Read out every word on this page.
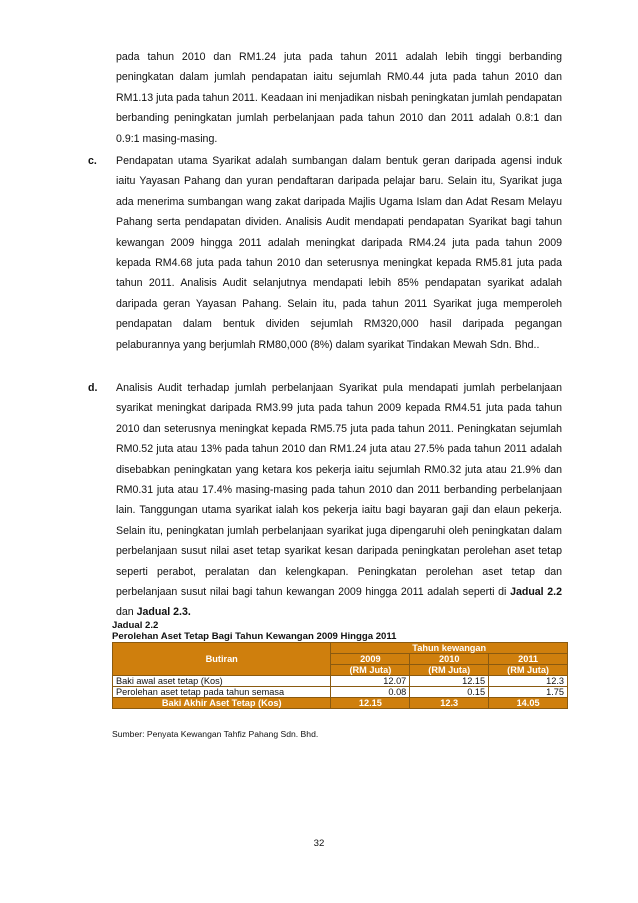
pada tahun 2010 dan RM1.24 juta pada tahun 2011 adalah lebih tinggi berbanding peningkatan dalam jumlah pendapatan iaitu sejumlah RM0.44 juta pada tahun 2010 dan RM1.13 juta pada tahun 2011. Keadaan ini menjadikan nisbah peningkatan jumlah pendapatan berbanding peningkatan jumlah perbelanjaan pada tahun 2010 dan 2011 adalah 0.8:1 dan 0.9:1 masing-masing.
c. Pendapatan utama Syarikat adalah sumbangan dalam bentuk geran daripada agensi induk iaitu Yayasan Pahang dan yuran pendaftaran daripada pelajar baru. Selain itu, Syarikat juga ada menerima sumbangan wang zakat daripada Majlis Ugama Islam dan Adat Resam Melayu Pahang serta pendapatan dividen. Analisis Audit mendapati pendapatan Syarikat bagi tahun kewangan 2009 hingga 2011 adalah meningkat daripada RM4.24 juta pada tahun 2009 kepada RM4.68 juta pada tahun 2010 dan seterusnya meningkat kepada RM5.81 juta pada tahun 2011. Analisis Audit selanjutnya mendapati lebih 85% pendapatan syarikat adalah daripada geran Yayasan Pahang. Selain itu, pada tahun 2011 Syarikat juga memperoleh pendapatan dalam bentuk dividen sejumlah RM320,000 hasil daripada pegangan pelaburannya yang berjumlah RM80,000 (8%) dalam syarikat Tindakan Mewah Sdn. Bhd..
d. Analisis Audit terhadap jumlah perbelanjaan Syarikat pula mendapati jumlah perbelanjaan syarikat meningkat daripada RM3.99 juta pada tahun 2009 kepada RM4.51 juta pada tahun 2010 dan seterusnya meningkat kepada RM5.75 juta pada tahun 2011. Peningkatan sejumlah RM0.52 juta atau 13% pada tahun 2010 dan RM1.24 juta atau 27.5% pada tahun 2011 adalah disebabkan peningkatan yang ketara kos pekerja iaitu sejumlah RM0.32 juta atau 21.9% dan RM0.31 juta atau 17.4% masing-masing pada tahun 2010 dan 2011 berbanding perbelanjaan lain. Tanggungan utama syarikat ialah kos pekerja iaitu bagi bayaran gaji dan elaun pekerja. Selain itu, peningkatan jumlah perbelanjaan syarikat juga dipengaruhi oleh peningkatan dalam perbelanjaan susut nilai aset tetap syarikat kesan daripada peningkatan perolehan aset tetap seperti perabot, peralatan dan kelengkapan. Peningkatan perolehan aset tetap dan perbelanjaan susut nilai bagi tahun kewangan 2009 hingga 2011 adalah seperti di Jadual 2.2 dan Jadual 2.3.
Jadual 2.2
Perolehan Aset Tetap Bagi Tahun Kewangan 2009 Hingga 2011
Butiran	Tahun kewangan		
	2009	2010	2011
	(RM Juta)	(RM Juta)	(RM Juta)
Baki awal aset tetap (Kos)	12.07	12.15	12.3
Perolehan aset tetap pada tahun semasa	0.08	0.15	1.75
Baki Akhir Aset Tetap (Kos)	12.15	12.3	14.05
Sumber: Penyata Kewangan Tahfiz Pahang Sdn. Bhd.
32
